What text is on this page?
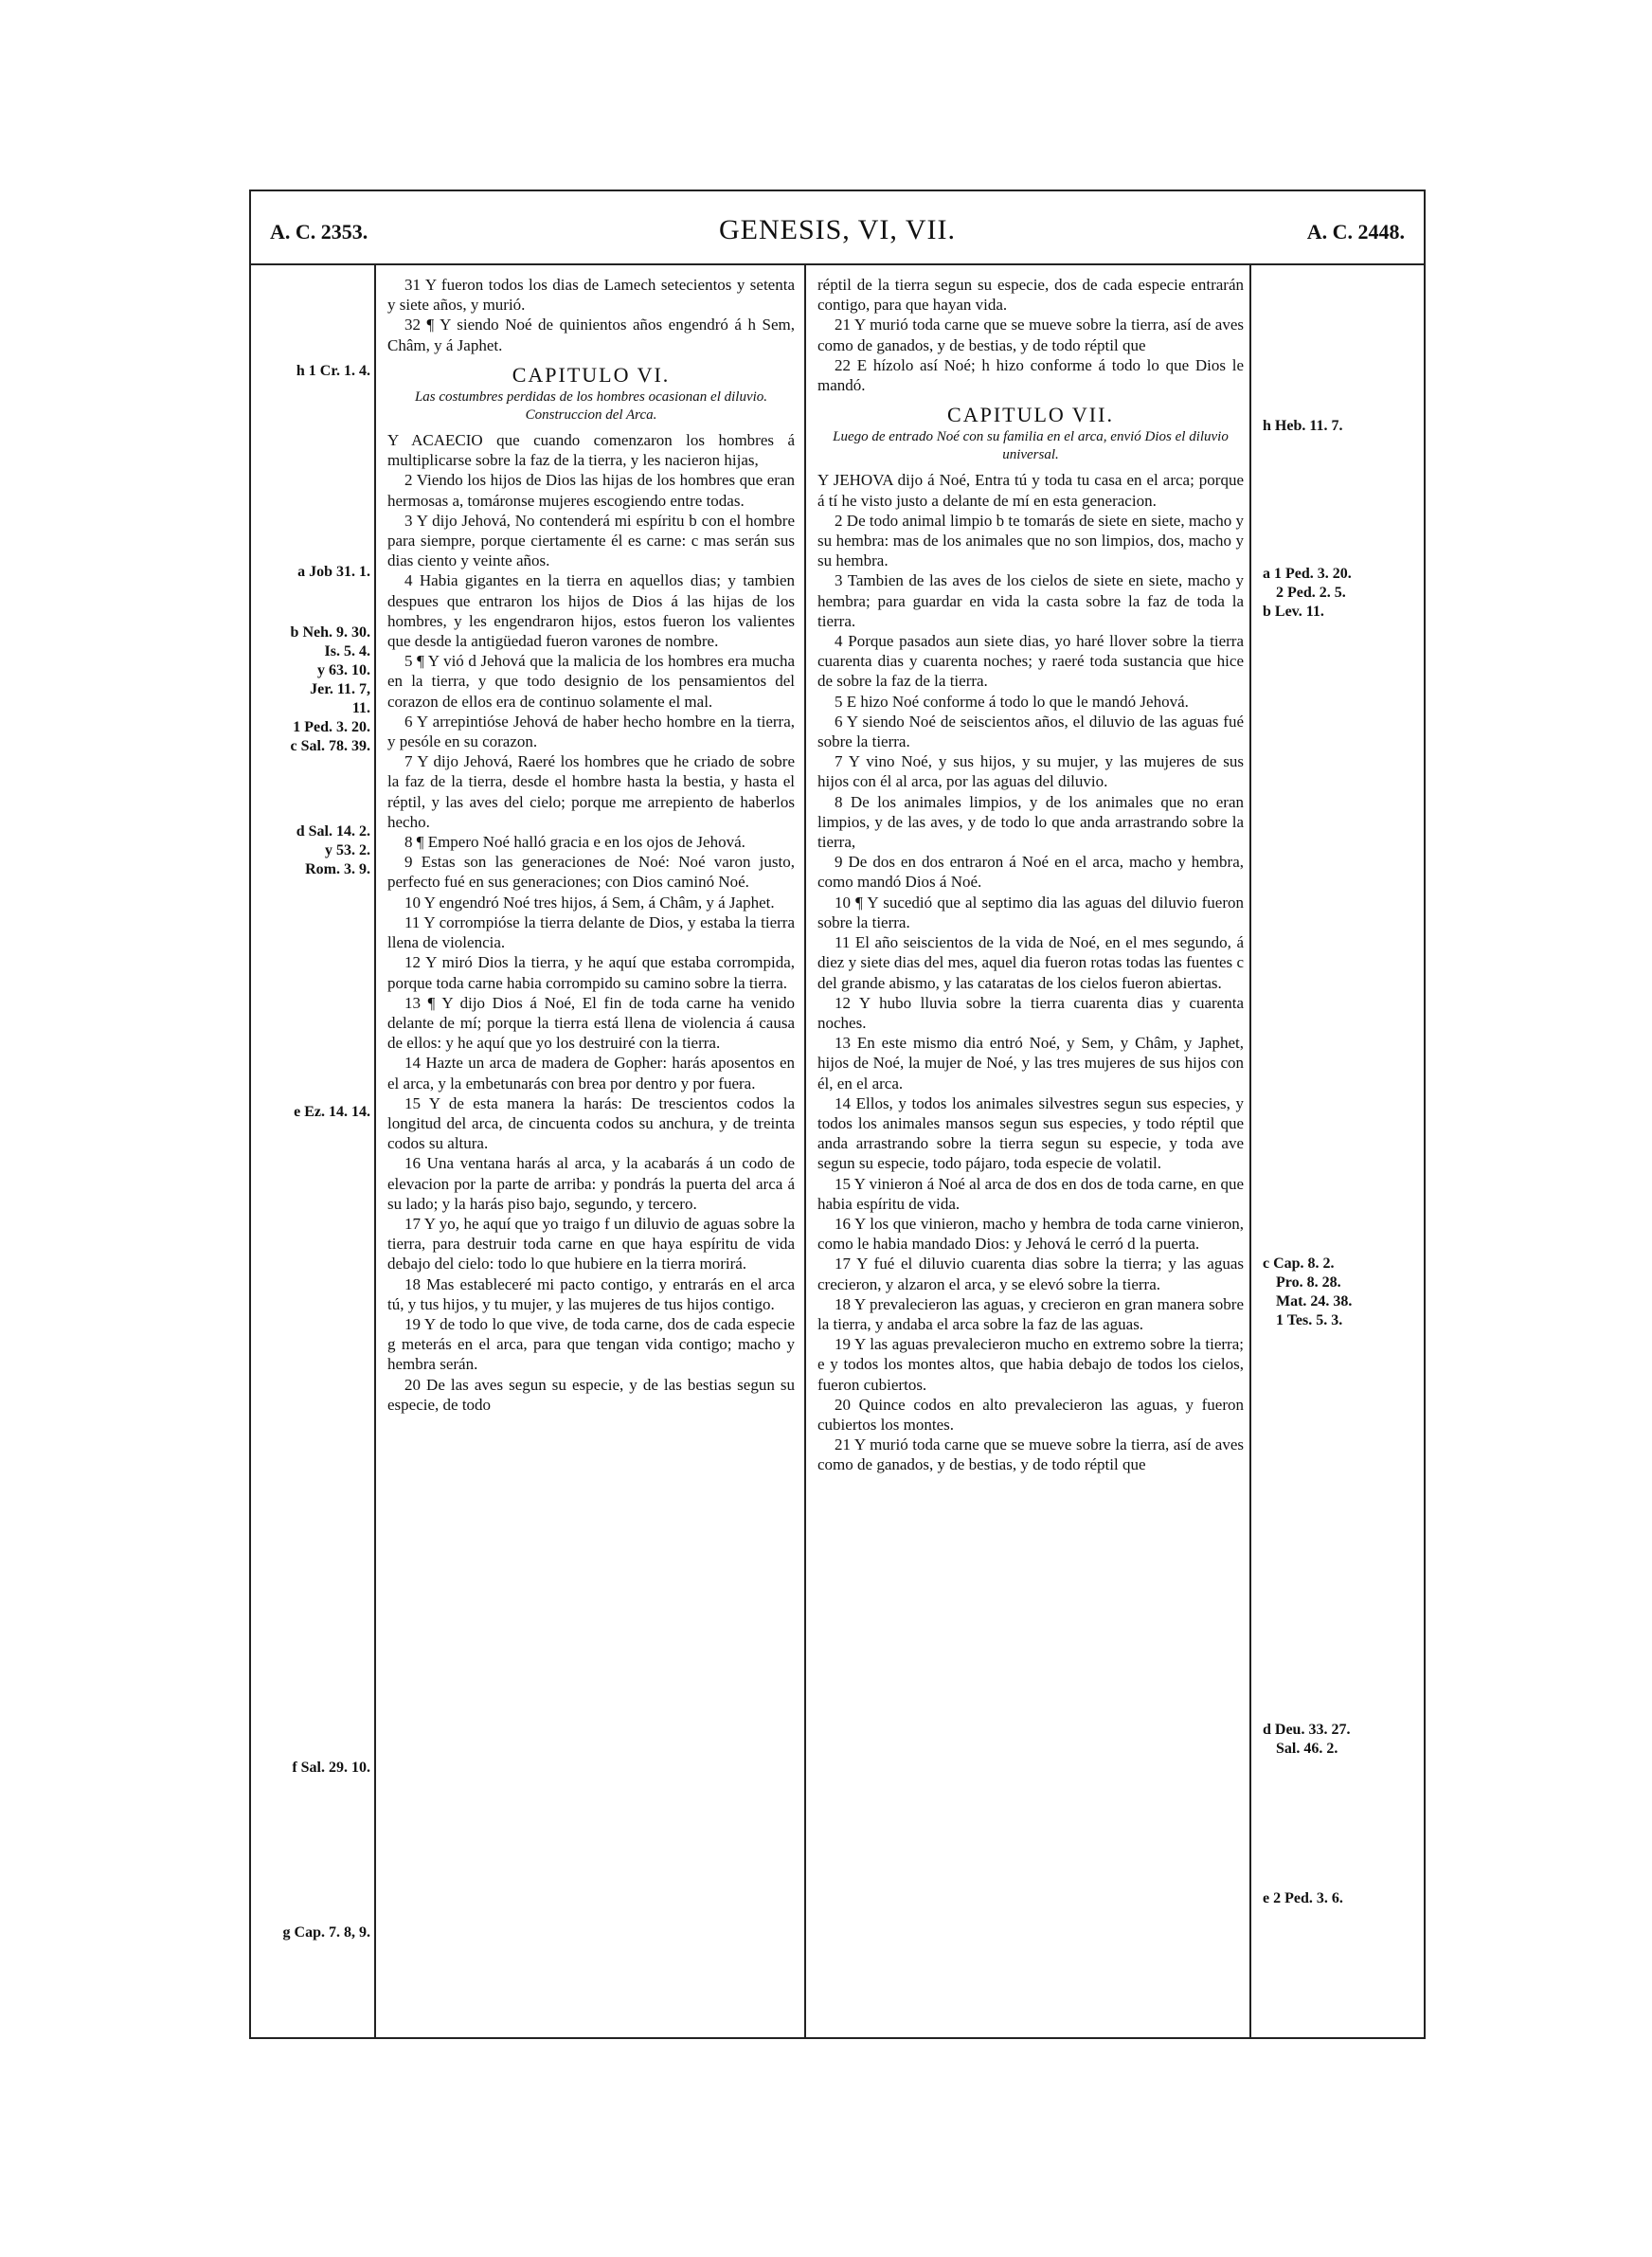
A. C. 2353.	GENESIS, VI, VII.	A. C. 2448.
h 1 Cr. 1. 4.
a Job 31. 1.
b Neh. 9. 30.
Is. 5. 4.
y 63. 10.
Jer. 11. 7,
11.
1 Ped. 3. 20.
c Sal. 78. 39.
d Sal. 14. 2.
y 53. 2.
Rom. 3. 9.
e Ez. 14. 14.
f Sal. 29. 10.
g Cap. 7. 8, 9.
h Heb. 11. 7.
a 1 Ped. 3. 20.
2 Ped. 2. 5.
b Lev. 11.
c Cap. 8. 2.
Pro. 8. 28.
Mat. 24. 38.
1 Tes. 5. 3.
d Deu. 33. 27.
Sal. 46. 2.
e 2 Ped. 3. 6.

31 Y fueron todos los dias de Lamech setecientos y setenta y siete años, y murió.

32 ¶ Y siendo Noé de quinientos años engendró á h Sem, Châm, y á Japhet.

CAPITULO VI.

Las costumbres perdidas de los hombres ocasionan el diluvio. Construccion del Arca.

Y ACAECIO que cuando comenzaron los hombres á multiplicarse sobre la faz de la tierra, y les nacieron hijas,

2 Viendo los hijos de Dios las hijas de los hombres que eran hermosas a, tomáronse mujeres escogiendo entre todas.

3 Y dijo Jehová, No contenderá mi espíritu b con el hombre para siempre, porque ciertamente él es carne: c mas serán sus dias ciento y veinte años.

4 Habia gigantes en la tierra en aquellos dias; y tambien despues que entraron los hijos de Dios á las hijas de los hombres, y les engendraron hijos, estos fueron los valientes que desde la antigüedad fueron varones de nombre.

5 ¶ Y vió d Jehová que la malicia de los hombres era mucha en la tierra, y que todo designio de los pensamientos del corazon de ellos era de continuo solamente el mal.

6 Y arrepintióse Jehová de haber hecho hombre en la tierra, y pesóle en su corazon.

7 Y dijo Jehová, Raeré los hombres que he criado de sobre la faz de la tierra, desde el hombre hasta la bestia, y hasta el réptil, y las aves del cielo; porque me arrepiento de haberlos hecho.

8 ¶ Empero Noé halló gracia e en los ojos de Jehová.

9 Estas son las generaciones de Noé: Noé varon justo, perfecto fué en sus generaciones; con Dios caminó Noé.

10 Y engendró Noé tres hijos, á Sem, á Châm, y á Japhet.

11 Y corrompióse la tierra delante de Dios, y estaba la tierra llena de violencia.

12 Y miró Dios la tierra, y he aquí que estaba corrompida, porque toda carne habia corrompido su camino sobre la tierra.

13 ¶ Y dijo Dios á Noé, El fin de toda carne ha venido delante de mí; porque la tierra está llena de violencia á causa de ellos: y he aquí que yo los destruiré con la tierra.

14 Hazte un arca de madera de Gopher: harás aposentos en el arca, y la embetunarás con brea por dentro y por fuera.

15 Y de esta manera la harás: De trescientos codos la longitud del arca, de cincuenta codos su anchura, y de treinta codos su altura.

16 Una ventana harás al arca, y la acabarás á un codo de elevacion por la parte de arriba: y pondrás la puerta del arca á su lado; y la harás piso bajo, segundo, y tercero.

17 Y yo, he aquí que yo traigo f un diluvio de aguas sobre la tierra, para destruir toda carne en que haya espíritu de vida debajo del cielo: todo lo que hubiere en la tierra morirá.

18 Mas estableceré mi pacto contigo, y entrarás en el arca tú, y tus hijos, y tu mujer, y las mujeres de tus hijos contigo.

19 Y de todo lo que vive, de toda carne, dos de cada especie g meterás en el arca, para que tengan vida contigo; macho y hembra serán.

20 De las aves segun su especie, y de las bestias segun su especie, de todo

réptil de la tierra segun su especie, dos de cada especie entrarán contigo, para que hayan vida.

21 Y murió toda carne que se mueve sobre la tierra, así de aves como de ganados, y de bestias, y de todo réptil que

22 E hízolo así Noé; h hizo conforme á todo lo que Dios le mandó.

CAPITULO VII.

Luego de entrado Noé con su familia en el arca, envió Dios el diluvio universal.

Y JEHOVA dijo á Noé, Entra tú y toda tu casa en el arca; porque á tí he visto justo a delante de mí en esta generacion.

2 De todo animal limpio b te tomarás de siete en siete, macho y su hembra: mas de los animales que no son limpios, dos, macho y su hembra.

3 Tambien de las aves de los cielos de siete en siete, macho y hembra; para guardar en vida la casta sobre la faz de toda la tierra.

4 Porque pasados aun siete dias, yo haré llover sobre la tierra cuarenta dias y cuarenta noches; y raeré toda sustancia que hice de sobre la faz de la tierra.

5 E hizo Noé conforme á todo lo que le mandó Jehová.

6 Y siendo Noé de seiscientos años, el diluvio de las aguas fué sobre la tierra.

7 Y vino Noé, y sus hijos, y su mujer, y las mujeres de sus hijos con él al arca, por las aguas del diluvio.

8 De los animales limpios, y de los animales que no eran limpios, y de las aves, y de todo lo que anda arrastrando sobre la tierra,

9 De dos en dos entraron á Noé en el arca, macho y hembra, como mandó Dios á Noé.

10 ¶ Y sucedió que al septimo dia las aguas del diluvio fueron sobre la tierra.

11 El año seiscientos de la vida de Noé, en el mes segundo, á diez y siete dias del mes, aquel dia fueron rotas todas las fuentes c del grande abismo, y las cataratas de los cielos fueron abiertas.

12 Y hubo lluvia sobre la tierra cuarenta dias y cuarenta noches.

13 En este mismo dia entró Noé, y Sem, y Châm, y Japhet, hijos de Noé, la mujer de Noé, y las tres mujeres de sus hijos con él, en el arca.

14 Ellos, y todos los animales silvestres segun sus especies, y todos los animales mansos segun sus especies, y todo réptil que anda arrastrando sobre la tierra segun su especie, y toda ave segun su especie, todo pájaro, toda especie de volatil.

15 Y vinieron á Noé al arca de dos en dos de toda carne, en que habia espíritu de vida.

16 Y los que vinieron, macho y hembra de toda carne vinieron, como le habia mandado Dios: y Jehová le cerró d la puerta.

17 Y fué el diluvio cuarenta dias sobre la tierra; y las aguas crecieron, y alzaron el arca, y se elevó sobre la tierra.

18 Y prevalecieron las aguas, y crecieron en gran manera sobre la tierra, y andaba el arca sobre la faz de las aguas.

19 Y las aguas prevalecieron mucho en extremo sobre la tierra; e y todos los montes altos, que habia debajo de todos los cielos, fueron cubiertos.

20 Quince codos en alto prevalecieron las aguas, y fueron cubiertos los montes.

21 Y murió toda carne que se mueve sobre la tierra, así de aves como de ganados, y de bestias, y de todo réptil que
